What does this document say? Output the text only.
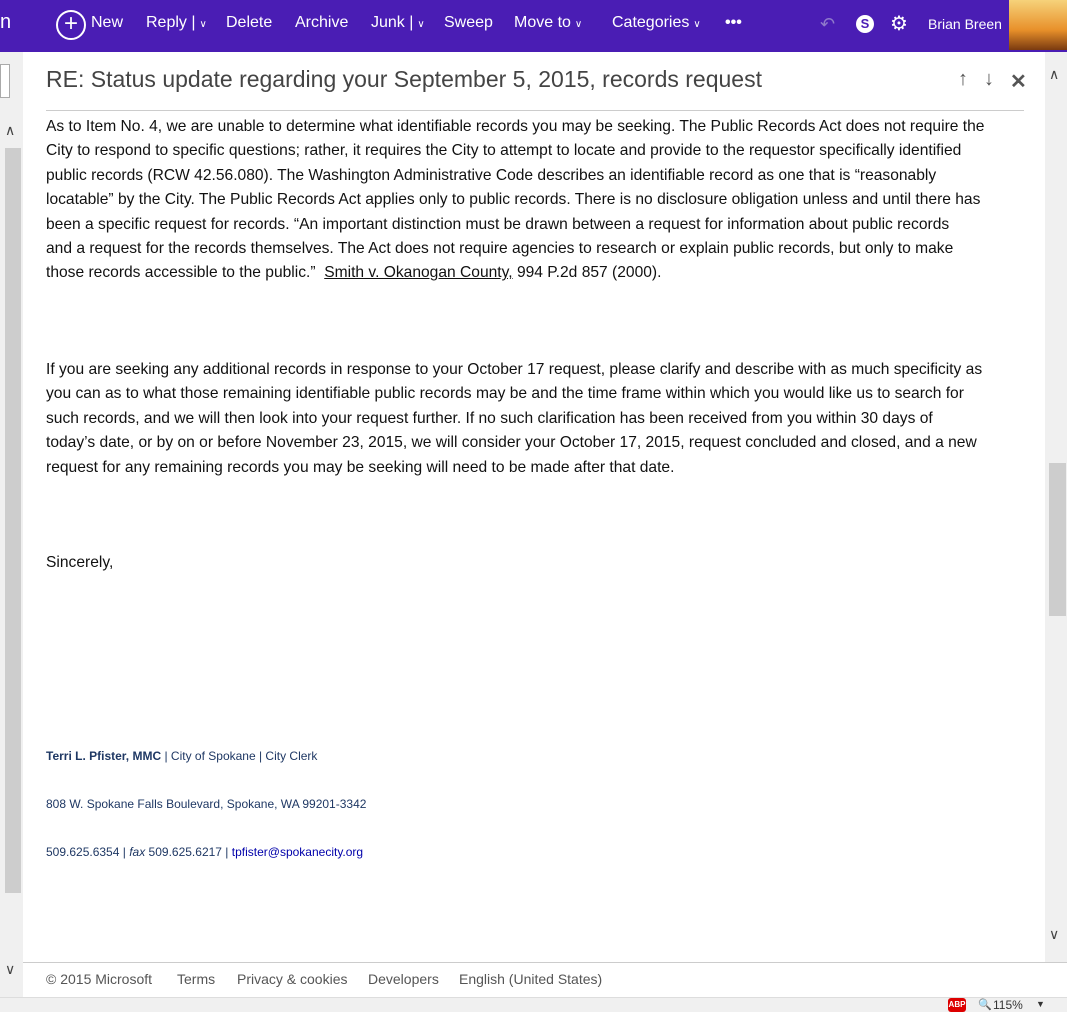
n	+ New Reply | ∨ Delete Archive Junk | ∨ Sweep Move to ∨ Categories ∨ •••	↶	S ⚙ Brian Breen
∧
∨
∧
∨
RE: Status update regarding your September 5, 2015, records request	↑ ↓ ✕
As to Item No. 4, we are unable to determine what identifiable records you may be seeking. The Public Records Act does not require the
City to respond to specific questions; rather, it requires the City to attempt to locate and provide to the requestor specifically identified
public records (RCW 42.56.080). The Washington Administrative Code describes an identifiable record as one that is “reasonably
locatable” by the City. The Public Records Act applies only to public records. There is no disclosure obligation unless and until there has
been a specific request for records. “An important distinction must be drawn between a request for information about public records
and a request for the records themselves. The Act does not require agencies to research or explain public records, but only to make
those records accessible to the public.”  Smith v. Okanogan County, 994 P.2d 857 (2000).
If you are seeking any additional records in response to your October 17 request, please clarify and describe with as much specificity as
you can as to what those remaining identifiable public records may be and the time frame within which you would like us to search for
such records, and we will then look into your request further. If no such clarification has been received from you within 30 days of
today’s date, or by on or before November 23, 2015, we will consider your October 17, 2015, request concluded and closed, and a new
request for any remaining records you may be seeking will need to be made after that date.
Sincerely,
Terri L. Pfister, MMC | City of Spokane | City Clerk
808 W. Spokane Falls Boulevard, Spokane, WA 99201-3342
509.625.6354 | fax 509.625.6217 | tpfister@spokanecity.org
© 2015 Microsoft Terms Privacy & cookies Developers English (United States)
ABP 🔍 115% ▼
